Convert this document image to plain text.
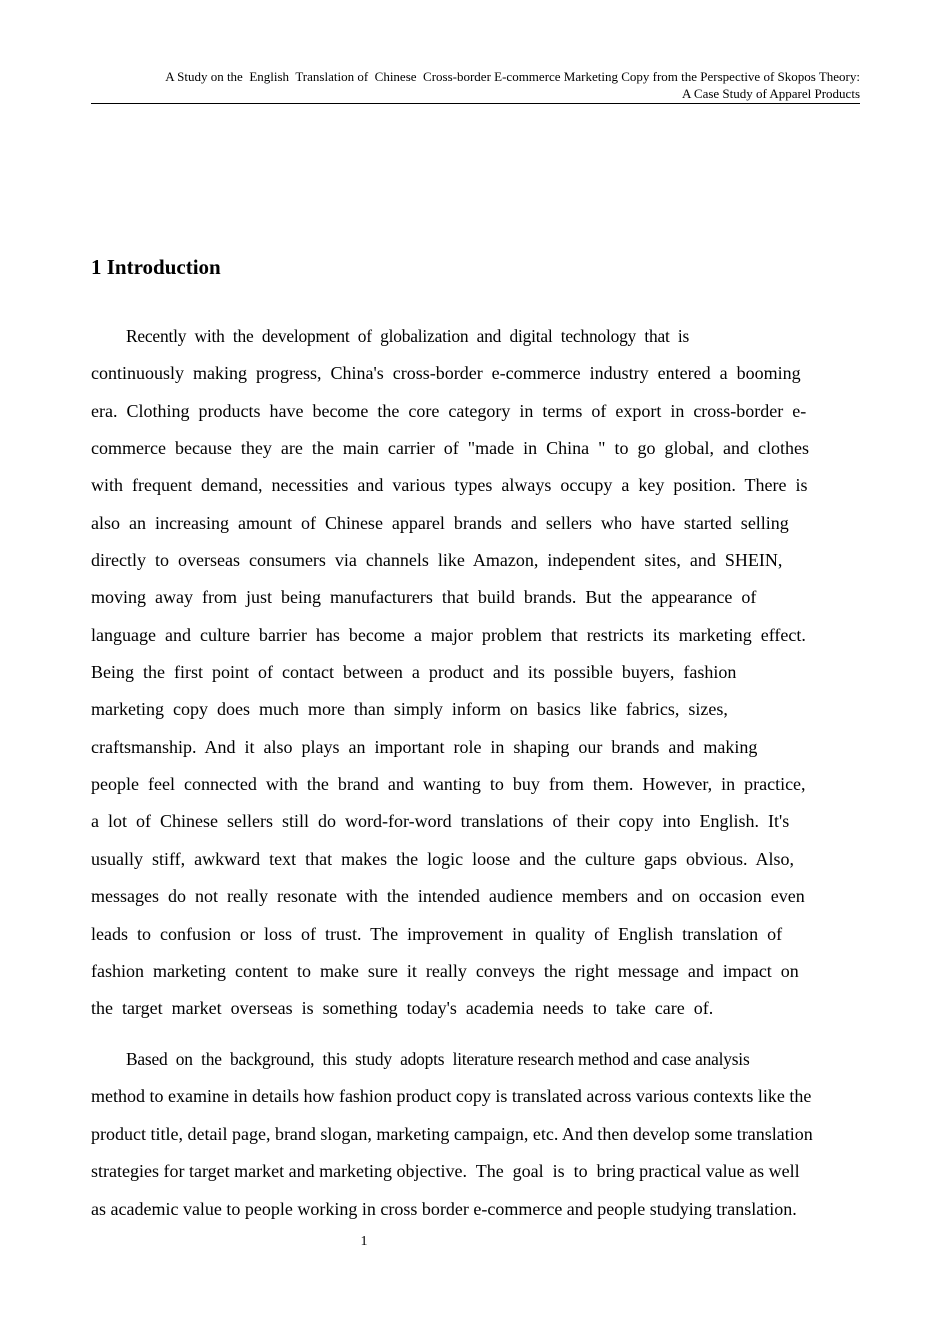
A Study on the  English  Translation of  Chinese  Cross-border E-commerce Marketing Copy from the Perspective of Skopos Theory:
A Case Study of Apparel Products
1 Introduction
Recently  with  the  development  of  globalization  and  digital  technology  that  is
continuously  making  progress,  China's  cross-border  e-commerce  industry  entered  a  booming
era.  Clothing  products  have  become  the  core  category  in  terms  of  export  in  cross-border  e-
commerce  because  they  are  the  main  carrier  of  "made  in  China  "  to  go  global,  and  clothes
with  frequent  demand,  necessities  and  various  types  always  occupy  a  key  position.  There  is
also  an  increasing  amount  of  Chinese  apparel  brands  and  sellers  who  have  started  selling
directly  to  overseas  consumers  via  channels  like  Amazon,  independent  sites,  and  SHEIN,
moving  away  from  just  being  manufacturers  that  build  brands.  But  the  appearance  of
language  and  culture  barrier  has  become  a  major  problem  that  restricts  its  marketing  effect.
Being  the  first  point  of  contact  between  a  product  and  its  possible  buyers,  fashion
marketing  copy  does  much  more  than  simply  inform  on  basics  like  fabrics,  sizes,
craftsmanship.  And  it  also  plays  an  important  role  in  shaping  our  brands  and  making
people  feel  connected  with  the  brand  and  wanting  to  buy  from  them.  However,  in  practice,
a  lot  of  Chinese  sellers  still  do  word-for-word  translations  of  their  copy  into  English.  It's
usually  stiff,  awkward  text  that  makes  the  logic  loose  and  the  culture  gaps  obvious.  Also,
messages  do  not  really  resonate  with  the  intended  audience  members  and  on  occasion  even
leads  to  confusion  or  loss  of  trust.  The  improvement  in  quality  of  English  translation  of
fashion  marketing  content  to  make  sure  it  really  conveys  the  right  message  and  impact  on
the  target  market  overseas  is  something  today's  academia  needs  to  take  care  of.
Based  on  the  background,  this  study  adopts  literature research method and case analysis
method to examine in details how fashion product copy is translated across various contexts like the
product title, detail page, brand slogan, marketing campaign, etc. And then develop some translation
strategies for target market and marketing objective.  The  goal  is  to  bring practical value as well
as academic value to people working in cross border e-commerce and people studying translation.
1
